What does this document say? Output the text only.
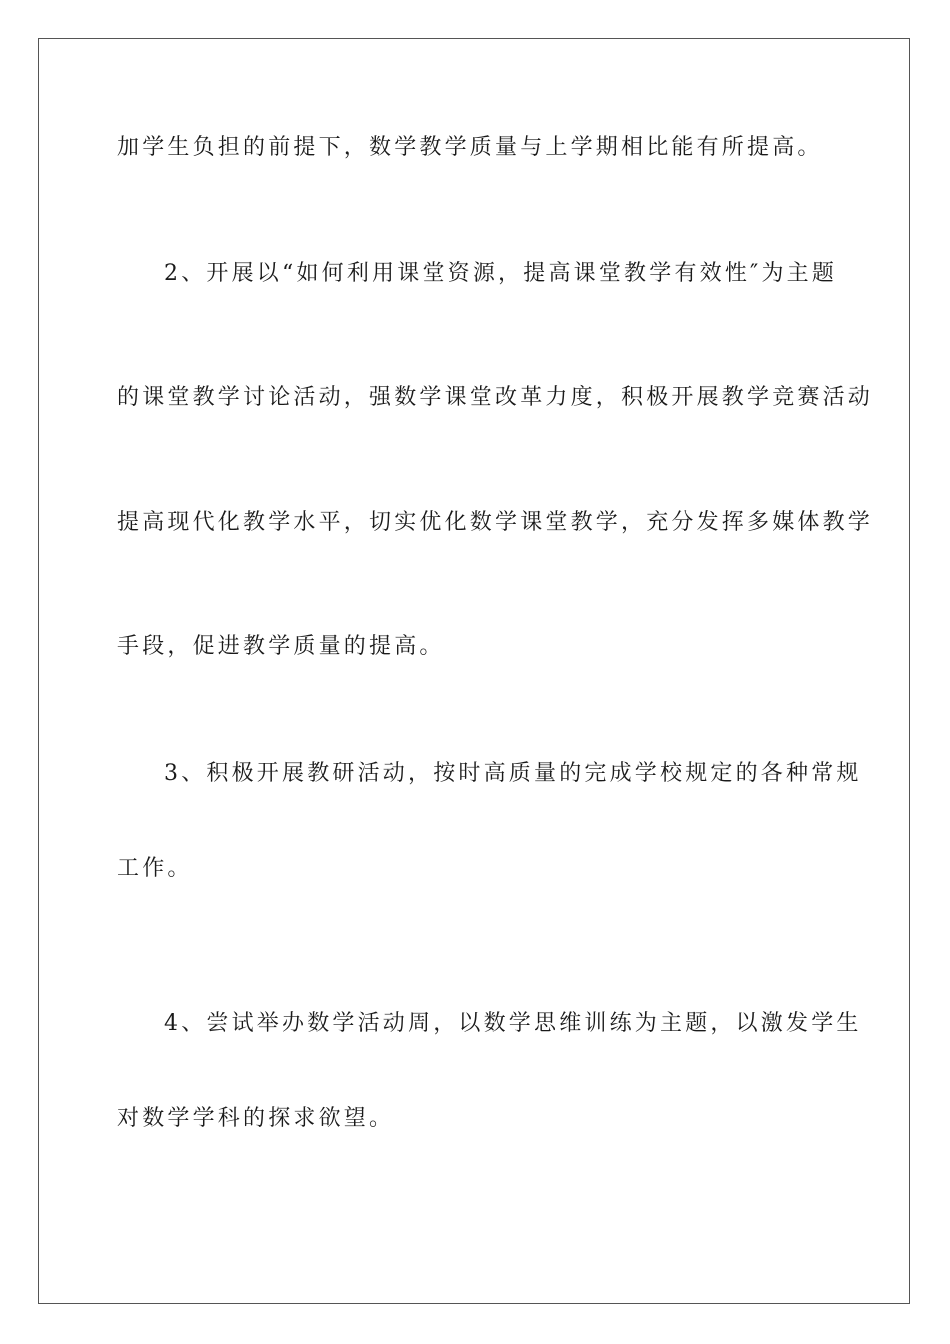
加学生负担的前提下，数学教学质量与上学期相比能有所提高。
2、开展以“如何利用课堂资源，提高课堂教学有效性″为主题
的课堂教学讨论活动，强数学课堂改革力度，积极开展教学竞赛活动
提高现代化教学水平，切实优化数学课堂教学，充分发挥多媒体教学
手段，促进教学质量的提高。
3、积极开展教研活动，按时高质量的完成学校规定的各种常规
工作。
4、尝试举办数学活动周，以数学思维训练为主题，以激发学生
对数学学科的探求欲望。
